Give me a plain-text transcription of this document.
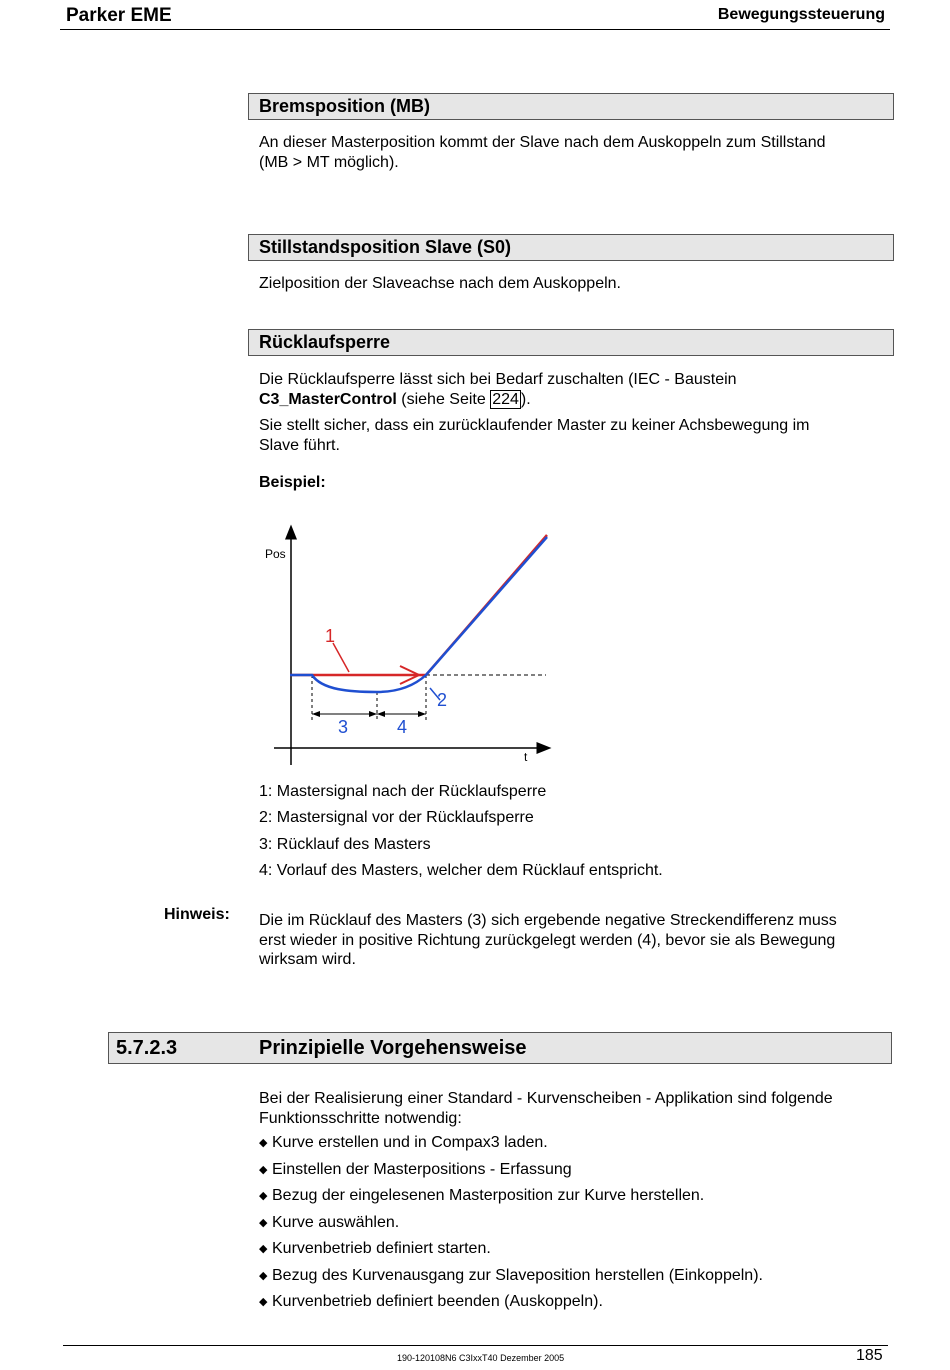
Parker EME	Bewegungssteuerung
Bremsposition (MB)
An dieser Masterposition kommt der Slave nach dem Auskoppeln zum Stillstand
(MB > MT möglich).
Stillstandsposition Slave (S0)
Zielposition der Slaveachse nach dem Auskoppeln.
Rücklaufsperre
Die Rücklaufsperre lässt sich bei Bedarf zuschalten (IEC - Baustein
C3_MasterControl (siehe Seite 224 ).
Sie stellt sicher, dass ein zurücklaufender Master zu keiner Achsbewegung im
Slave führt.
Beispiel:
Pos
t
1
2
3	4
1: Mastersignal nach der Rücklaufsperre
2: Mastersignal vor der Rücklaufsperre
3: Rücklauf des Masters
4: Vorlauf des Masters, welcher dem Rücklauf entspricht.
Hinweis: Die im Rücklauf des Masters (3) sich ergebende negative Streckendifferenz muss
erst wieder in positive Richtung zurückgelegt werden (4), bevor sie als Bewegung
wirksam wird.
5.7.2.3	Prinzipielle Vorgehensweise
Bei der Realisierung einer Standard - Kurvenscheiben - Applikation sind folgende
Funktionsschritte notwendig:
◆ Kurve erstellen und in Compax3 laden.
◆ Einstellen der Masterpositions - Erfassung
◆ Bezug der eingelesenen Masterposition zur Kurve herstellen.
◆ Kurve auswählen.
◆ Kurvenbetrieb definiert starten.
◆ Bezug des Kurvenausgang zur Slaveposition herstellen (Einkoppeln).
◆ Kurvenbetrieb definiert beenden (Auskoppeln).
190-120108N6 C3IxxT40 Dezember 2005	185
